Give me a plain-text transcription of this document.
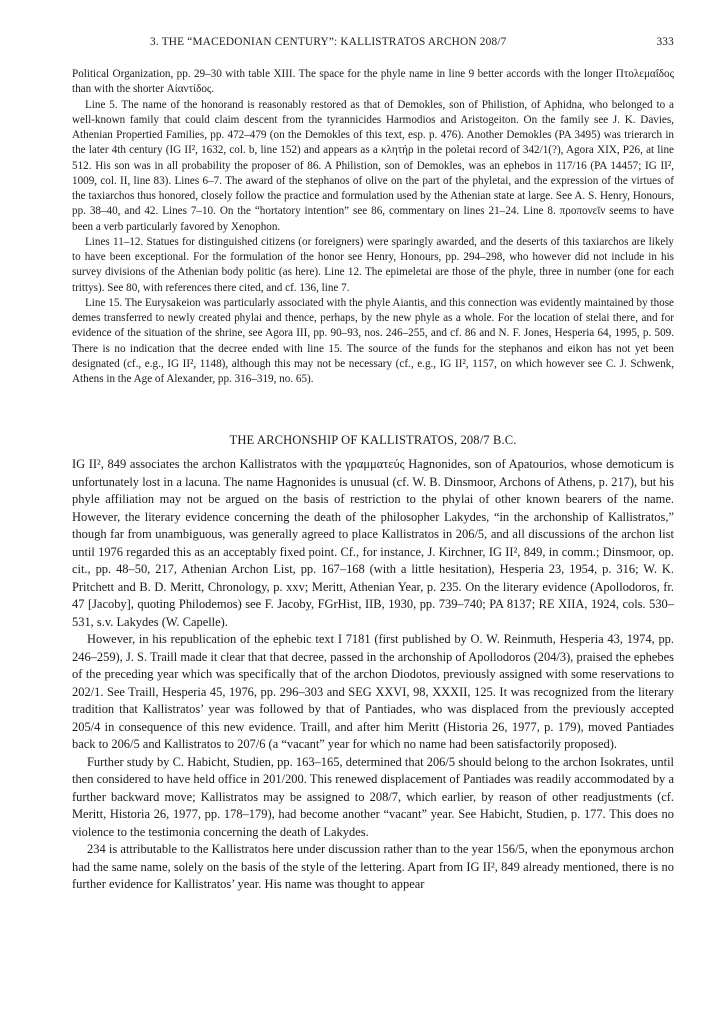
3. THE “MACEDONIAN CENTURY”: KALLISTRATOS ARCHON 208/7	333

Political Organization, pp. 29–30 with table XIII. The space for the phyle name in line 9 better accords with the longer Πτολεμαΐδος than with the shorter Αἰαντίδος.

Line 5. The name of the honorand is reasonably restored as that of Demokles, son of Philistion, of Aphidna, who belonged to a well-known family that could claim descent from the tyrannicides Harmodios and Aristogeiton. On the family see J. K. Davies, Athenian Propertied Families, pp. 472–479 (on the Demokles of this text, esp. p. 476). Another Demokles (PA 3495) was trierarch in the later 4th century (IG II², 1632, col. b, line 152) and appears as a κλητήρ in the poletai record of 342/1(?), Agora XIX, P26, at line 512. His son was in all probability the proposer of 86. A Philistion, son of Demokles, was an ephebos in 117/16 (PA 14457; IG II², 1009, col. II, line 83). Lines 6–7. The award of the stephanos of olive on the part of the phyletai, and the expression of the virtues of the taxiarchos thus honored, closely follow the practice and formulation used by the Athenian state at large. See A. S. Henry, Honours, pp. 38–40, and 42. Lines 7–10. On the “hortatory intention” see 86, commentary on lines 21–24. Line 8. προπονεῖν seems to have been a verb particularly favored by Xenophon.

Lines 11–12. Statues for distinguished citizens (or foreigners) were sparingly awarded, and the deserts of this taxiarchos are likely to have been exceptional. For the formulation of the honor see Henry, Honours, pp. 294–298, who however did not include in his survey divisions of the Athenian body politic (as here). Line 12. The epimeletai are those of the phyle, three in number (one for each trittys). See 80, with references there cited, and cf. 136, line 7.

Line 15. The Eurysakeion was particularly associated with the phyle Aiantis, and this connection was evidently maintained by those demes transferred to newly created phylai and thence, perhaps, by the new phyle as a whole. For the location of stelai there, and for evidence of the situation of the shrine, see Agora III, pp. 90–93, nos. 246–255, and cf. 86 and N. F. Jones, Hesperia 64, 1995, p. 509. There is no indication that the decree ended with line 15. The source of the funds for the stephanos and eikon has not yet been designated (cf., e.g., IG II², 1148), although this may not be necessary (cf., e.g., IG II², 1157, on which however see C. J. Schwenk, Athens in the Age of Alexander, pp. 316–319, no. 65).

THE ARCHONSHIP OF KALLISTRATOS, 208/7 B.C.

IG II², 849 associates the archon Kallistratos with the γραμματεύς Hagnonides, son of Apatourios, whose demoticum is unfortunately lost in a lacuna. The name Hagnonides is unusual (cf. W. B. Dinsmoor, Archons of Athens, p. 217), but his phyle affiliation may not be argued on the basis of restriction to the phylai of other known bearers of the name. However, the literary evidence concerning the death of the philosopher Lakydes, “in the archonship of Kallistratos,” though far from unambiguous, was generally agreed to place Kallistratos in 206/5, and all discussions of the archon list until 1976 regarded this as an acceptably fixed point. Cf., for instance, J. Kirchner, IG II², 849, in comm.; Dinsmoor, op. cit., pp. 48–50, 217, Athenian Archon List, pp. 167–168 (with a little hesitation), Hesperia 23, 1954, p. 316; W. K. Pritchett and B. D. Meritt, Chronology, p. xxv; Meritt, Athenian Year, p. 235. On the literary evidence (Apollodoros, fr. 47 [Jacoby], quoting Philodemos) see F. Jacoby, FGrHist, IIB, 1930, pp. 739–740; PA 8137; RE XIIA, 1924, cols. 530–531, s.v. Lakydes (W. Capelle).

However, in his republication of the ephebic text I 7181 (first published by O. W. Reinmuth, Hesperia 43, 1974, pp. 246–259), J. S. Traill made it clear that that decree, passed in the archonship of Apollodoros (204/3), praised the ephebes of the preceding year which was specifically that of the archon Diodotos, previously assigned with some reservations to 202/1. See Traill, Hesperia 45, 1976, pp. 296–303 and SEG XXVI, 98, XXXII, 125. It was recognized from the literary tradition that Kallistratos’ year was followed by that of Pantiades, who was displaced from the previously accepted 205/4 in consequence of this new evidence. Traill, and after him Meritt (Historia 26, 1977, p. 179), moved Pantiades back to 206/5 and Kallistratos to 207/6 (a “vacant” year for which no name had been satisfactorily proposed).

Further study by C. Habicht, Studien, pp. 163–165, determined that 206/5 should belong to the archon Isokrates, until then considered to have held office in 201/200. This renewed displacement of Pantiades was readily accommodated by a further backward move; Kallistratos may be assigned to 208/7, which earlier, by reason of other readjustments (cf. Meritt, Historia 26, 1977, pp. 178–179), had become another “vacant” year. See Habicht, Studien, p. 177. This does no violence to the testimonia concerning the death of Lakydes.

234 is attributable to the Kallistratos here under discussion rather than to the year 156/5, when the eponymous archon had the same name, solely on the basis of the style of the lettering. Apart from IG II², 849 already mentioned, there is no further evidence for Kallistratos’ year. His name was thought to appear
